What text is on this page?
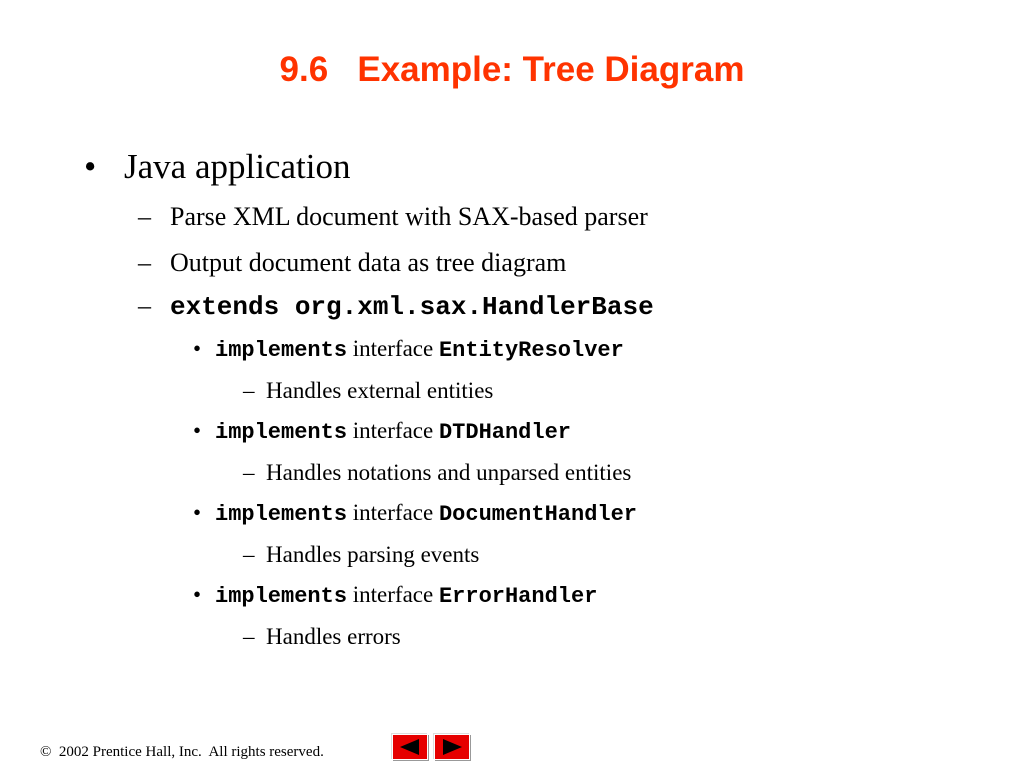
9.6   Example: Tree Diagram
• Java application
– Parse XML document with SAX-based parser
– Output document data as tree diagram
– extends org.xml.sax.HandlerBase
• implements interface EntityResolver
– Handles external entities
• implements interface DTDHandler
– Handles notations and unparsed entities
• implements interface DocumentHandler
– Handles parsing events
• implements interface ErrorHandler
– Handles errors
©  2002 Prentice Hall, Inc.  All rights reserved.
